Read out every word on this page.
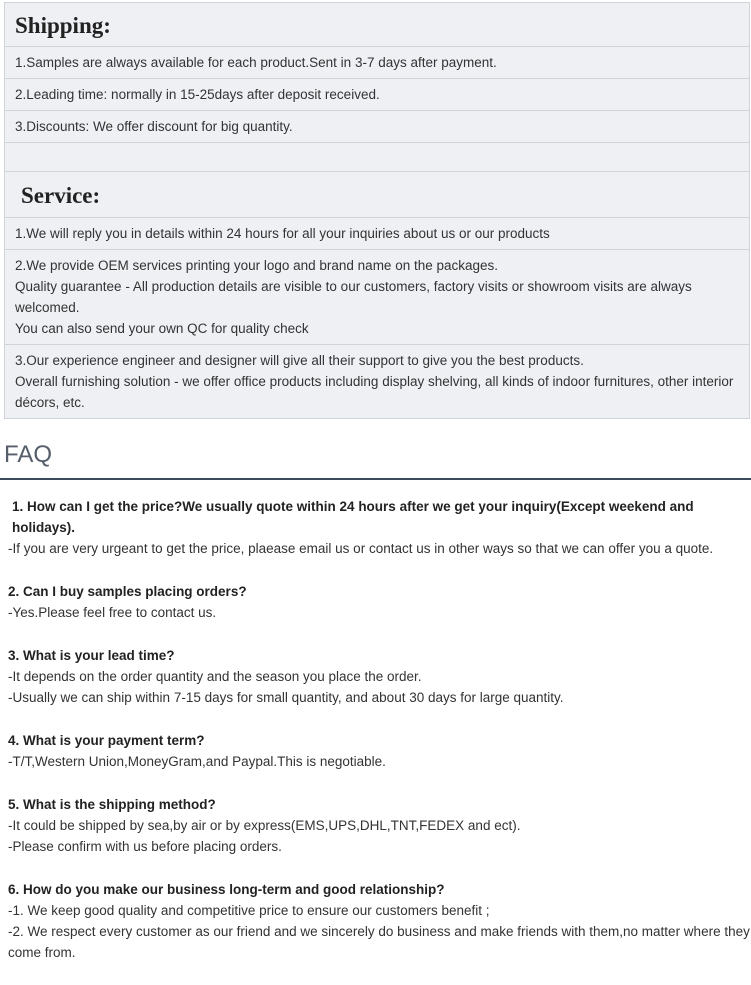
Shipping:
1.Samples are always available for each product.Sent in 3-7 days after payment.
2.Leading time: normally in 15-25days after deposit received.
3.Discounts: We offer discount for big quantity.
Service:
1.We will reply you in details within 24 hours for all your inquiries about us or our products
2.We provide OEM services printing your logo and brand name on the packages.
Quality guarantee - All production details are visible to our customers, factory visits or showroom visits are always welcomed.
You can also send your own QC for quality check
3.Our experience engineer and designer will give all their support to give you the best products.
Overall furnishing solution - we offer office products including display shelving, all kinds of indoor furnitures, other interior décors, etc.
FAQ
1. How can I get the price?We usually quote within 24 hours after we get your inquiry(Except weekend and holidays).
-If you are very urgeant to get the price, plaease email us or contact us in other ways so that we can offer you a quote.
2. Can I buy samples placing orders?
-Yes.Please feel free to contact us.
3. What is your lead time?
-It depends on the order quantity and the season you place the order.
-Usually we can ship within 7-15 days for small quantity, and about 30 days for large quantity.
4. What is your payment term?
-T/T,Western Union,MoneyGram,and Paypal.This is negotiable.
5. What is the shipping method?
-It could be shipped by sea,by air or by express(EMS,UPS,DHL,TNT,FEDEX and ect).
-Please confirm with us before placing orders.
6. How do you make our business long-term and good relationship?
-1. We keep good quality and competitive price to ensure our customers benefit ;
-2. We respect every customer as our friend and we sincerely do business and make friends with them,no matter where they come from.
